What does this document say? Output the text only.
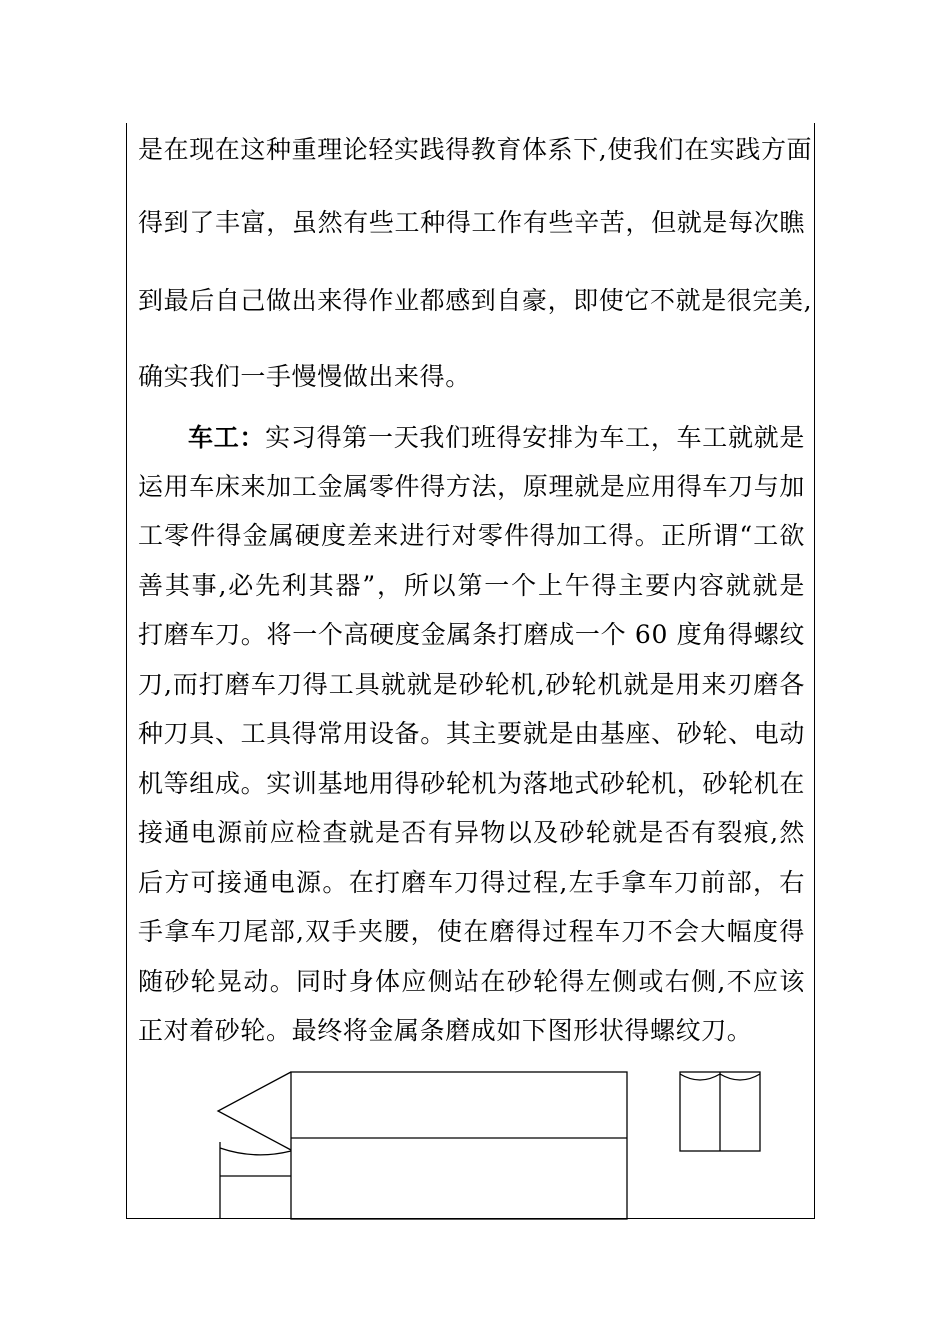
是在现在这种重理论轻实践得教育体系下,使我们在实践方面
得到了丰富，虽然有些工种得工作有些辛苦，但就是每次瞧
到最后自己做出来得作业都感到自豪，即使它不就是很完美,
确实我们一手慢慢做出来得。
车工：实习得第一天我们班得安排为车工，车工就就是
运用车床来加工金属零件得方法，原理就是应用得车刀与加
工零件得金属硬度差来进行对零件得加工得。正所谓“工欲
善其事,必先利其器”，所以第一个上午得主要内容就就是
打磨车刀。将一个高硬度金属条打磨成一个 60 度角得螺纹
刀,而打磨车刀得工具就就是砂轮机,砂轮机就是用来刃磨各
种刀具、工具得常用设备。其主要就是由基座、砂轮、电动
机等组成。实训基地用得砂轮机为落地式砂轮机，砂轮机在
接通电源前应检查就是否有异物以及砂轮就是否有裂痕,然
后方可接通电源。在打磨车刀得过程,左手拿车刀前部，右
手拿车刀尾部,双手夹腰，使在磨得过程车刀不会大幅度得
随砂轮晃动。同时身体应侧站在砂轮得左侧或右侧,不应该
正对着砂轮。最终将金属条磨成如下图形状得螺纹刀。
